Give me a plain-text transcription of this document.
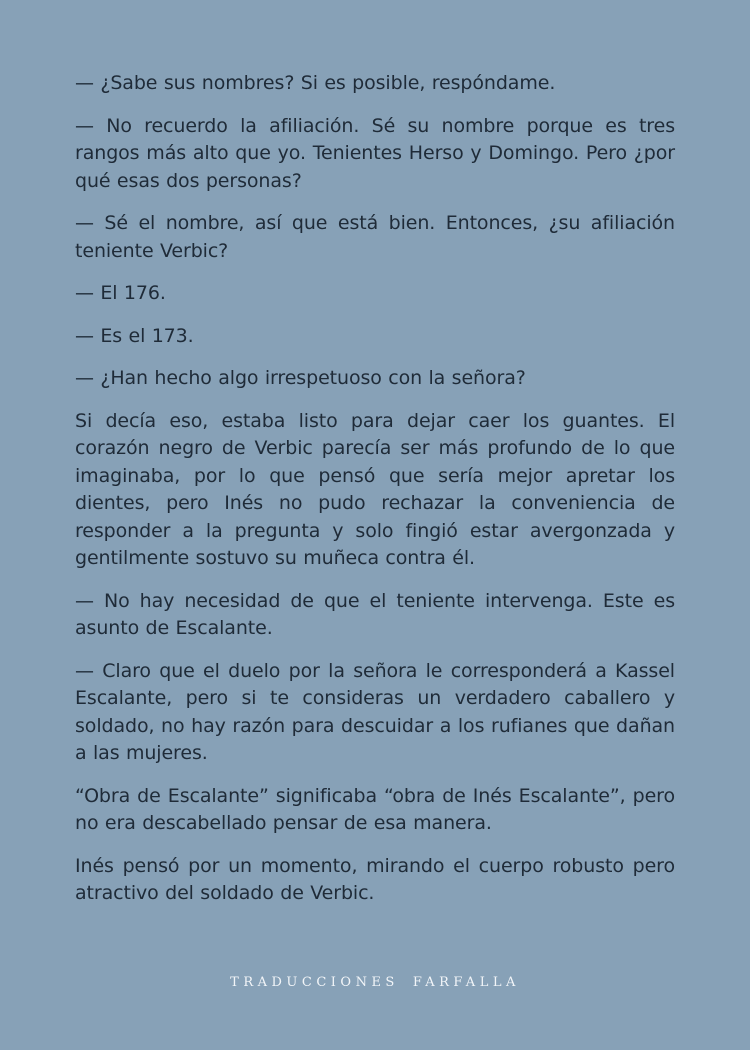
— ¿Sabe sus nombres? Si es posible, respóndame.

— No recuerdo la afiliación. Sé su nombre porque es tres rangos más alto que yo. Tenientes Herso y Domingo. Pero ¿por qué esas dos personas?

— Sé el nombre, así que está bien. Entonces, ¿su afiliación teniente Verbic?

— El 176.

— Es el 173.

— ¿Han hecho algo irrespetuoso con la señora?

Si decía eso, estaba listo para dejar caer los guantes. El corazón negro de Verbic parecía ser más profundo de lo que imaginaba, por lo que pensó que sería mejor apretar los dientes, pero Inés no pudo rechazar la conveniencia de responder a la pregunta y solo fingió estar avergonzada y gentilmente sostuvo su muñeca contra él.

— No hay necesidad de que el teniente intervenga. Este es asunto de Escalante.

— Claro que el duelo por la señora le corresponderá a Kassel Escalante, pero si te consideras un verdadero caballero y soldado, no hay razón para descuidar a los rufianes que dañan a las mujeres.

“Obra de Escalante” significaba “obra de Inés Escalante”, pero no era descabellado pensar de esa manera.

Inés pensó por un momento, mirando el cuerpo robusto pero atractivo del soldado de Verbic.

TRADUCCIONES FARFALLA
